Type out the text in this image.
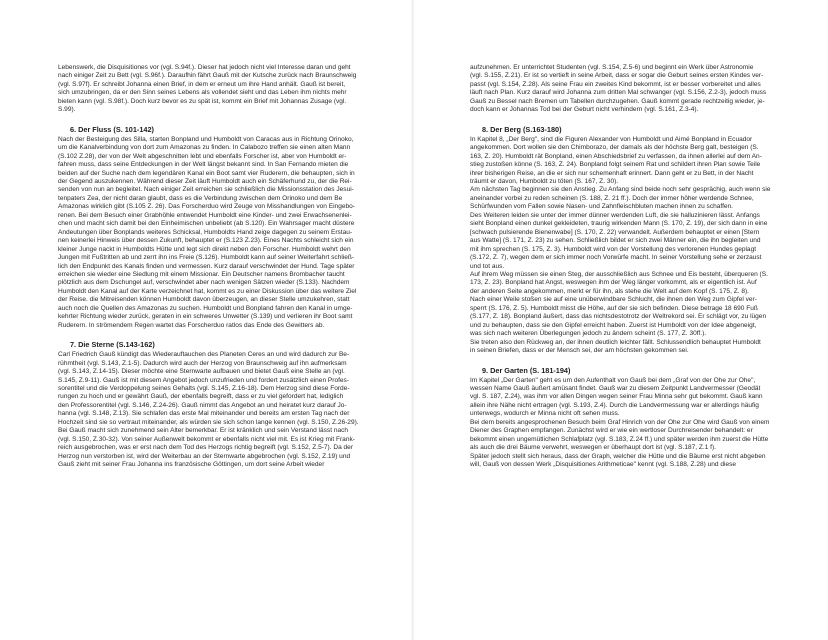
Lebenswerk, die Disquisitiones vor (vgl. S.94f.). Dieser hat jedoch nicht viel Interesse daran und geht

nach einiger Zeit zu Bett (vgl. S.96f.). Daraufhin fährt Gauß mit der Kutsche zurück nach Braunschweig

(vgl. S.97f). Er schreibt Johanna einen Brief, in dem er erneut um ihre Hand anhält. Gauß ist bereit,

sich umzubringen, da er den Sinn seines Lebens als vollendet sieht und das Leben ihm nichts mehr

bieten kann (vgl. S.98f.). Doch kurz bevor es zu spät ist, kommt ein Brief mit Johannas Zusage (vgl.

S.99).

6. Der Fluss (S. 101-142)

Nach der Besteigung des Silla, starten Bonpland und Humboldt von Caracas aus in Richtung Orinoko,

um die Kanalverbindung von dort zum Amazonas zu finden. In Calabozo treffen sie einen alten Mann

(S.102 Z.28), der von der Welt abgeschnitten lebt und ebenfalls Forscher ist, aber von Humboldt er-

fahren muss, dass seine Entdeckungen in der Welt längst bekannt sind. In San Fernando mieten die

beiden auf der Suche nach dem legendären Kanal ein Boot samt vier Ruderern, die behaupten, sich in

der Gegend auszukennen. Während dieser Zeit läuft Humboldt auch ein Schäferhund zu, der die Rei-

senden von nun an begleitet. Nach einiger Zeit erreichen sie schließlich die Missionsstation des Jesui-

tenpaters Zea, der nicht daran glaubt, dass es die Verbindung zwischen dem Orinoko und dem Be

Amazonas wirklich gibt (S.105 Z. 26). Das Forscherduo wird Zeuge von Misshandlungen von Eingebo-

renen. Bei dem Besuch einer Grabhöhle entwendet Humboldt eine Kinder- und zwei Erwachsenenlei-

chen und macht sich damit bei den Einheimischen unbeliebt (ab S.120). Ein Wahrsager macht düstere

Andeutungen über Bonplands weiteres Schicksal, Humboldts Hand zeige dagegen zu seinem Erstau-

nen keinerlei Hinweis über dessen Zukunft, behauptet er (S.123 Z.23). Eines Nachts schleicht sich ein

kleiner Junge nackt in Humboldts Hütte und legt sich direkt neben den Forscher. Humboldt wehrt den

Jungen mit Fußtritten ab und zerrt ihn ins Freie (S.126). Humboldt kann auf seiner Weiterfahrt schließ-

lich den Endpunkt des Kanals finden und vermessen. Kurz darauf verschwindet der Hund. Tage später

erreichen sie wieder eine Siedlung mit einem Missionar. Ein Deutscher namens Brombacher taucht

plötzlich aus dem Dschungel auf, verschwindet aber nach wenigen Sätzen wieder (S.133). Nachdem

Humboldt den Kanal auf der Karte verzeichnet hat, kommt es zu einer Diskussion über das weitere Ziel

der Reise. die Mitreisenden können Humboldt davon überzeugen, an dieser Stelle umzukehren, statt

auch noch die Quellen des Amazonas zu suchen. Humboldt und Bonpland fahren den Kanal in umge-

kehrter Richtung wieder zurück, geraten in ein schweres Unwetter (S.139) und verlieren ihr Boot samt

Ruderern. In strömendem Regen wartet das Forscherduo ratlos das Ende des Gewitters ab.

7. Die Sterne (S.143-162)

Carl Friedrich Gauß kündigt das Wiederauftauchen des Planeten Ceres an und wird dadurch zur Be-

rühmtheit (vgl. S.143, Z.1-5). Dadurch wird auch der Herzog von Braunschweig auf ihn aufmerksam

(vgl. S.143, Z.14-15). Dieser möchte eine Sternwarte aufbauen und bietet Gauß eine Stelle an (vgl.

S.145, Z.9-11). Gauß ist mit diesem Angebot jedoch unzufrieden und fordert zusätzlich einen Profes-

sorentitel und die Verdoppelung seines Gehalts (vgl. S.145, Z.16-18). Dem Herzog sind diese Forde-

rungen zu hoch und er gewährt Gauß, der ebenfalls begreift, dass er zu viel gefordert hat, lediglich

den Professorentitel (vgl. S.146, Z.24-26). Gauß nimmt das Angebot an und heiratet kurz darauf Jo-

hanna (vgl. S.148, Z.13). Sie schlafen das erste Mal miteinander und bereits am ersten Tag nach der

Hochzeit sind sie so vertraut miteinander, als würden sie sich schon lange kennen (vgl. S.150, Z.26-29).

Bei Gauß macht sich zunehmend sein Alter bemerkbar. Er ist kränklich und sein Verstand lässt nach

(vgl. S.150, Z.30-32). Von seiner Außenwelt bekommt er ebenfalls nicht viel mit. Es ist Krieg mit Frank-

reich ausgebrochen, was er erst nach dem Tod des Herzogs richtig begreift (vgl. S.152, Z.5-7). Da der

Herzog nun verstorben ist, wird der Weiterbau an der Sternwarte abgebrochen (vgl. S.152, Z.19) und

Gauß zieht mit seiner Frau Johanna ins französische Göttingen, um dort seine Arbeit wieder

aufzunehmen. Er unterrichtet Studenten (vgl. S.154, Z.5-6) und beginnt ein Werk über Astronomie

(vgl. S.155, Z.21). Er ist so vertieft in seine Arbeit, dass er sogar die Geburt seines ersten Kindes ver-

passt (vgl. S.154, Z.28). Als seine Frau ein zweites Kind bekommt, ist er besser vorbereitet und alles

läuft nach Plan. Kurz darauf wird Johanna zum dritten Mal schwanger (vgl. S.156, Z.2-3), jedoch muss

Gauß zu Bessel nach Bremen um Tabellen durchzugehen. Gauß kommt gerade rechtzeitig wieder, je-

doch kann er Johannas Tod bei der Geburt nicht verhindern (vgl. S.161, Z.3-4).

8. Der Berg (S.163-180)

In Kapitel 8, „Der Berg", sind die Figuren Alexander von Humboldt und Aimé Bonpland in Ecuador

angekommen. Dort wollen sie den Chimborazo, der damals als der höchste Berg galt, besteigen (S.

163, Z. 20). Humboldt rät Bonpland, einen Abschiedsbrief zu verfassen, da ihnen allerlei auf dem An-

stieg zustoßen könne (S. 163, Z. 24). Bonpland folgt seinem Rat und schildert ihren Plan sowie Teile

ihrer bisherigen Reise, an die er sich nur schemenhaft erinnert. Dann geht er zu Bett, in der Nacht

träumt er davon, Humboldt zu töten (S. 167, Z. 30).

Am nächsten Tag beginnen sie den Anstieg. Zu Anfang sind beide noch sehr gesprächig, auch wenn sie

aneinander vorbei zu reden scheinen (S. 188, Z. 21 ff.). Doch der immer höher werdende Schnee,

Schürfwunden vom Fallen sowie Nasen- und Zahnfleischbluten machen ihnen zu schaffen.

Des Weiteren leiden sie unter der immer dünner werdenden Luft, die sie halluzinieren lässt. Anfangs

sieht Bonpland einen dunkel gekleideten, traurig wirkenden Mann (S. 170, Z. 19), der sich dann in eine

[schwach pulsierende Bienenwabe] (S. 170, Z. 22) verwandelt. Außerdem behauptet er einen [Stern

aus Watte] (S. 171, Z. 23) zu sehen. Schließlich bildet er sich zwei Männer ein, die ihn begleiten und

mit ihm sprechen (S. 175, Z. 3). Humboldt wird von der Vorstellung des verlorenen Hundes geplagt

(S.172, Z. 7), wegen dem er sich immer noch Vorwürfe macht. In seiner Vorstellung sehe er zerzaust

und tot aus.

Auf ihrem Weg müssen sie einen Steg, der ausschließlich aus Schnee und Eis besteht, überqueren (S.

173, Z. 23). Bonpland hat Angst, weswegen ihm der Weg länger vorkommt, als er eigentlich ist. Auf

der anderen Seite angekommen, merkt er für ihn, als stehe die Welt auf dem Kopf (S. 175, Z. 8).

Nach einer Weile stoßen sie auf eine unüberwindbare Schlucht, die ihnen den Weg zum Gipfel ver-

sperrt (S. 176, Z. 5). Humboldt misst die Höhe, auf der sie sich befinden. Diese betrage 18 690 Fuß

(S.177, Z. 18). Bonpland äußert, dass das nichtsdestotrotz der Weltrekord sei. Er schlägt vor, zu lügen

und zu behaupten, dass sie den Gipfel erreicht haben. Zuerst ist Humboldt von der Idee abgeneigt,

was sich nach weiteren Überlegungen jedoch zu ändern scheint (S. 177, Z. 30ff.).

Sie treten also den Rückweg an, der ihnen deutlich leichter fällt. Schlussendlich behauptet Humboldt

in seinen Briefen, dass er der Mensch sei, der am höchsten gekommen sei.

9. Der Garten (S. 181-194)

Im Kapitel „Der Garten" geht es um den Aufenthalt von Gauß bei dem „Graf von der Ohe zur Ohe",

wessen Name Gauß äußert amüsant findet. Gauß war zu diesem Zeitpunkt Landvermesser (Geodät

vgl. S. 187, Z.24), was ihm vor allen Dingen wegen seiner Frau Minna sehr gut bekommt. Gauß kann

allein ihre Nähe nicht ertragen (vgl. S.193, Z.4). Durch die Landvermessung war er allerdings häufig

unterwegs, wodurch er Minna nicht oft sehen muss.

Bei dem bereits angesprochenen Besuch beim Graf Hinrich von der Ohe zur Ohe wird Gauß von einem

Diener des Graphen empfangen. Zunächst wird er wie ein wertloser Durchreisender behandelt: er

bekommt einen ungemütlichen Schlafplatz (vgl. S.183, Z.24 ff.) und später werden ihm zuerst die Hütte

als auch die drei Bäume verwehrt, weswegen er überhaupt dort ist (vgl. S.187, Z.1 f).

Später jedoch stellt sich heraus, dass der Graph, welcher die Hütte und die Bäume erst nicht abgeben

will, Gauß von dessen Werk „Disquisitiones Arithmeticae" kennt (vgl. S.188, Z.28) und diese
